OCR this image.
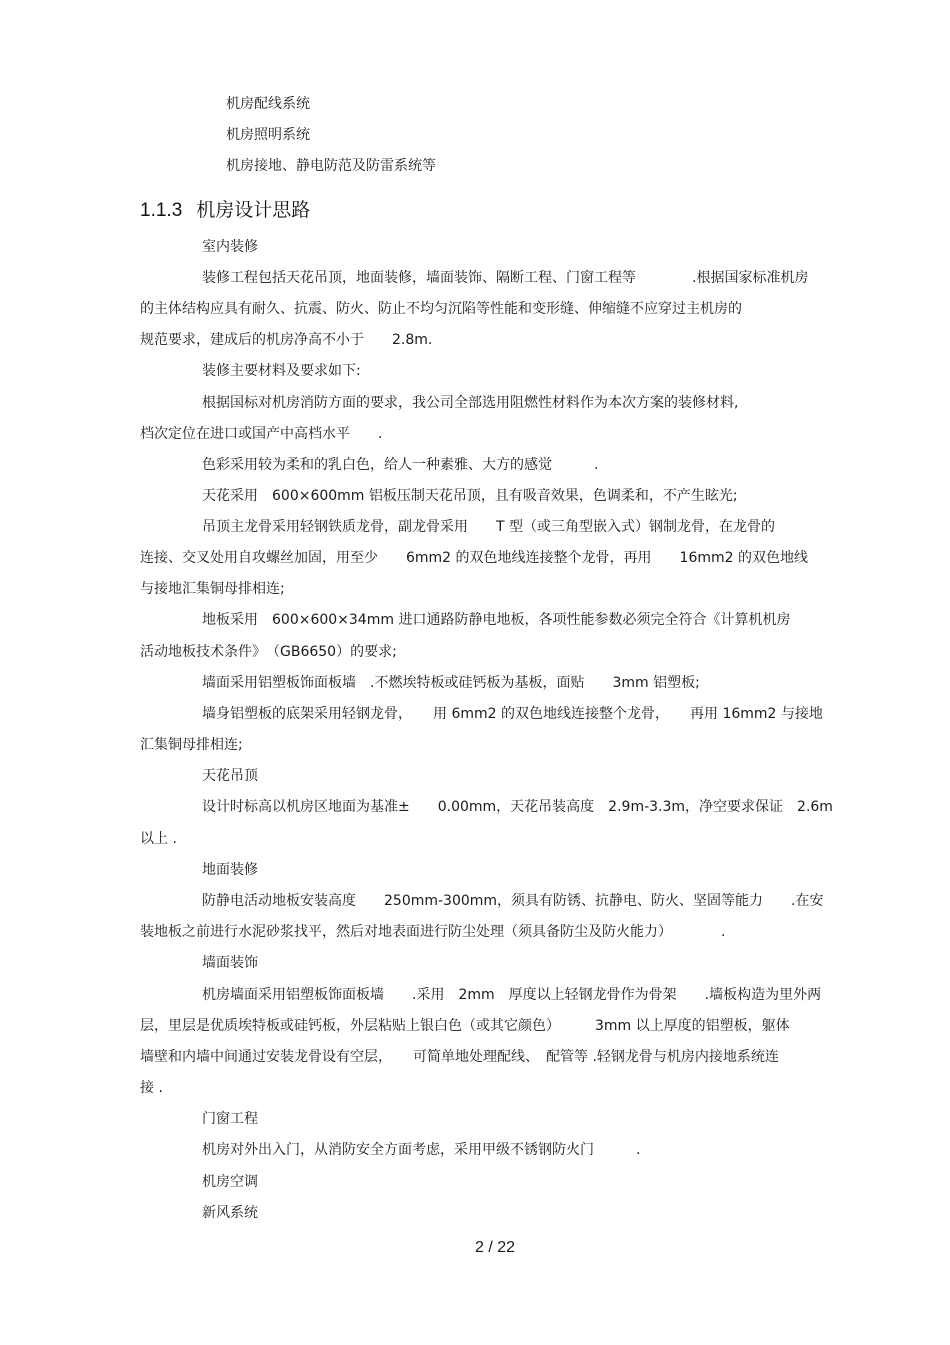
机房配线系统
机房照明系统
机房接地、静电防范及防雷系统等
1.1.3 机房设计思路
室内装修
装修工程包括天花吊顶，地面装修，墙面装饰、隔断工程、门窗工程等　　　　.根据国家标准机房
的主体结构应具有耐久、抗震、防火、防止不均匀沉陷等性能和变形缝、伸缩缝不应穿过主机房的
规范要求，建成后的机房净高不小于　　2.8m.
装修主要材料及要求如下:
根据国标对机房消防方面的要求，我公司全部选用阻燃性材料作为本次方案的装修材料,
档次定位在进口或国产中高档水平　　.
色彩采用较为柔和的乳白色，给人一种素雅、大方的感觉　　　.
天花采用　600×600mm 铝板压制天花吊顶，且有吸音效果，色调柔和，不产生眩光;
吊顶主龙骨采用轻钢铁质龙骨，副龙骨采用　　T 型（或三角型嵌入式）钢制龙骨，在龙骨的
连接、交叉处用自攻螺丝加固，用至少　　6mm2 的双色地线连接整个龙骨，再用　　16mm2 的双色地线
与接地汇集铜母排相连;
地板采用　600×600×34mm 进口通路防静电地板，各项性能参数必须完全符合《计算机机房
活动地板技术条件》　（GB6650）的要求;
墙面采用铝塑板饰面板墙　.不燃埃特板或硅钙板为基板，面贴　　3mm 铝塑板;
墙身铝塑板的底架采用轻钢龙骨，　　用 6mm2 的双色地线连接整个龙骨，　　再用 16mm2 与接地
汇集铜母排相连;
天花吊顶
设计时标高以机房区地面为基准±　　0.00mm，天花吊装高度　2.9m-3.3m，净空要求保证　2.6m
以上 .
地面装修
防静电活动地板安装高度　　250mm-300mm，须具有防锈、抗静电、防火、坚固等能力　　.在安
装地板之前进行水泥砂浆找平，然后对地表面进行防尘处理（须具备防尘及防火能力）　　　　.
墙面装饰
机房墙面采用铝塑板饰面板墙　　.采用　2mm　厚度以上轻钢龙骨作为骨架　　.墙板构造为里外两
层，里层是优质埃特板或硅钙板，外层粘贴上银白色（或其它颜色）　　　3mm 以上厚度的铝塑板，躯体
墙壁和内墙中间通过安装龙骨设有空层，　　可简单地处理配线、　配管等 .轻钢龙骨与机房内接地系统连
接 .
门窗工程
机房对外出入门，从消防安全方面考虑，采用甲级不锈钢防火门　　　.
机房空调
新风系统
2 / 22
